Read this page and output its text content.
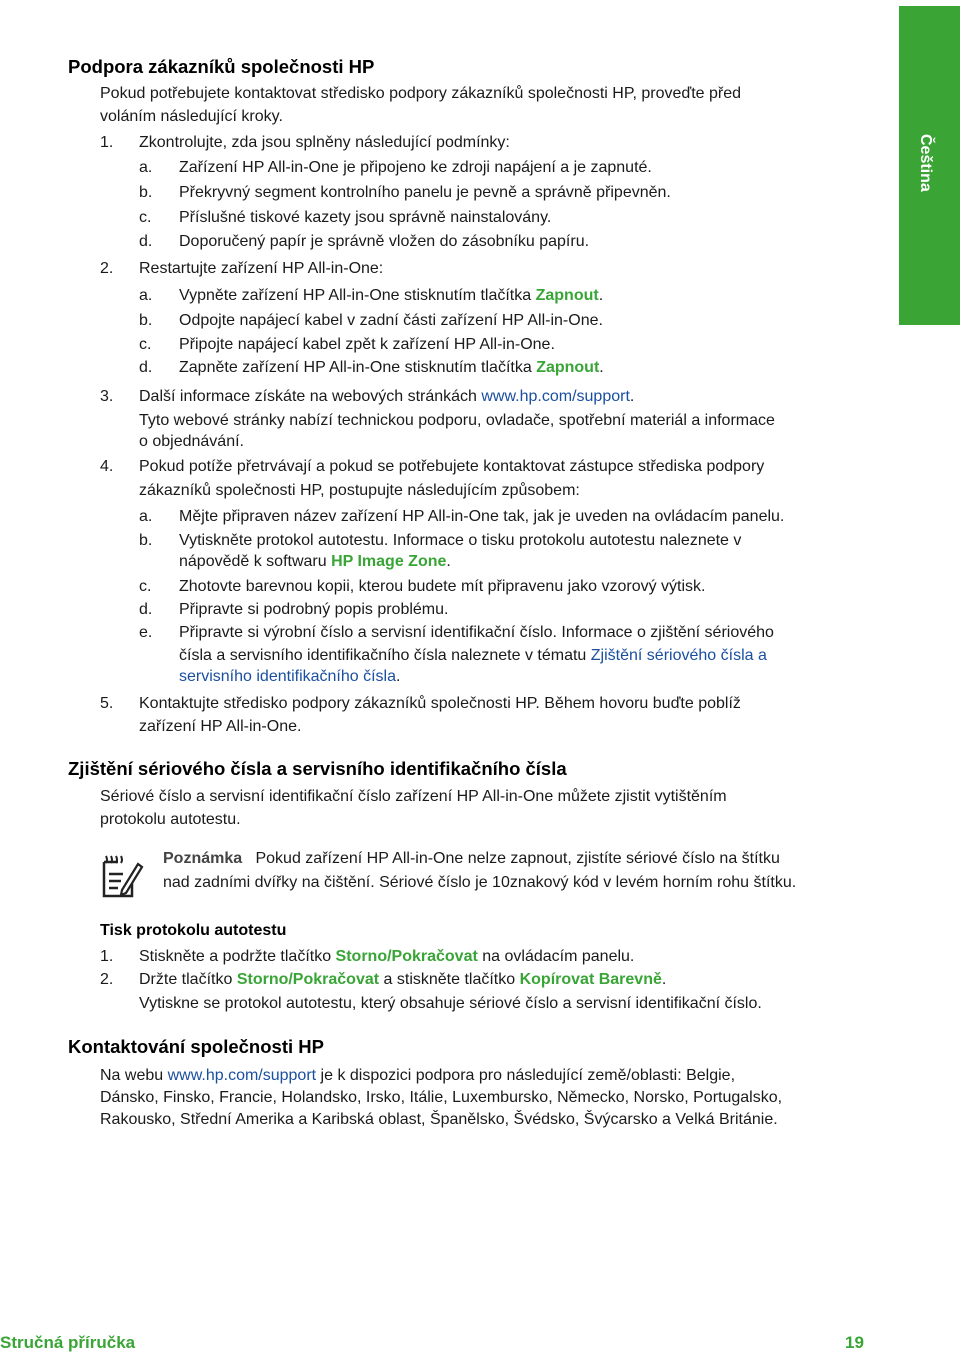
Čeština
Podpora zákazníků společnosti HP
Pokud potřebujete kontaktovat středisko podpory zákazníků společnosti HP, proveďte před
voláním následující kroky.
1. Zkontrolujte, zda jsou splněny následující podmínky:
a. Zařízení HP All-in-One je připojeno ke zdroji napájení a je zapnuté.
b. Překryvný segment kontrolního panelu je pevně a správně připevněn.
c. Příslušné tiskové kazety jsou správně nainstalovány.
d. Doporučený papír je správně vložen do zásobníku papíru.
2. Restartujte zařízení HP All-in-One:
a. Vypněte zařízení HP All-in-One stisknutím tlačítka Zapnout.
b. Odpojte napájecí kabel v zadní části zařízení HP All-in-One.
c. Připojte napájecí kabel zpět k zařízení HP All-in-One.
d. Zapněte zařízení HP All-in-One stisknutím tlačítka Zapnout.
3. Další informace získáte na webových stránkách www.hp.com/support.
Tyto webové stránky nabízí technickou podporu, ovladače, spotřební materiál a informace
o objednávání.
4. Pokud potíže přetrvávají a pokud se potřebujete kontaktovat zástupce střediska podpory
zákazníků společnosti HP, postupujte následujícím způsobem:
a. Mějte připraven název zařízení HP All-in-One tak, jak je uveden na ovládacím panelu.
b. Vytiskněte protokol autotestu. Informace o tisku protokolu autotestu naleznete v
nápovědě k softwaru HP Image Zone.
c. Zhotovte barevnou kopii, kterou budete mít připravenu jako vzorový výtisk.
d. Připravte si podrobný popis problému.
e. Připravte si výrobní číslo a servisní identifikační číslo. Informace o zjištění sériového
čísla a servisního identifikačního čísla naleznete v tématu Zjištění sériového čísla a
servisního identifikačního čísla.
5. Kontaktujte středisko podpory zákazníků společnosti HP. Během hovoru buďte poblíž
zařízení HP All-in-One.
Zjištění sériového čísla a servisního identifikačního čísla
Sériové číslo a servisní identifikační číslo zařízení HP All-in-One můžete zjistit vytištěním
protokolu autotestu.
Poznámka Pokud zařízení HP All-in-One nelze zapnout, zjistíte sériové číslo na štítku
nad zadními dvířky na čištění. Sériové číslo je 10znakový kód v levém horním rohu štítku.
Tisk protokolu autotestu
1. Stiskněte a podržte tlačítko Storno/Pokračovat na ovládacím panelu.
2. Držte tlačítko Storno/Pokračovat a stiskněte tlačítko Kopírovat Barevně.
Vytiskne se protokol autotestu, který obsahuje sériové číslo a servisní identifikační číslo.
Kontaktování společnosti HP
Na webu www.hp.com/support je k dispozici podpora pro následující země/oblasti: Belgie,
Dánsko, Finsko, Francie, Holandsko, Irsko, Itálie, Luxembursko, Německo, Norsko, Portugalsko,
Rakousko, Střední Amerika a Karibská oblast, Španělsko, Švédsko, Švýcarsko a Velká Británie.
Stručná příručka	19
